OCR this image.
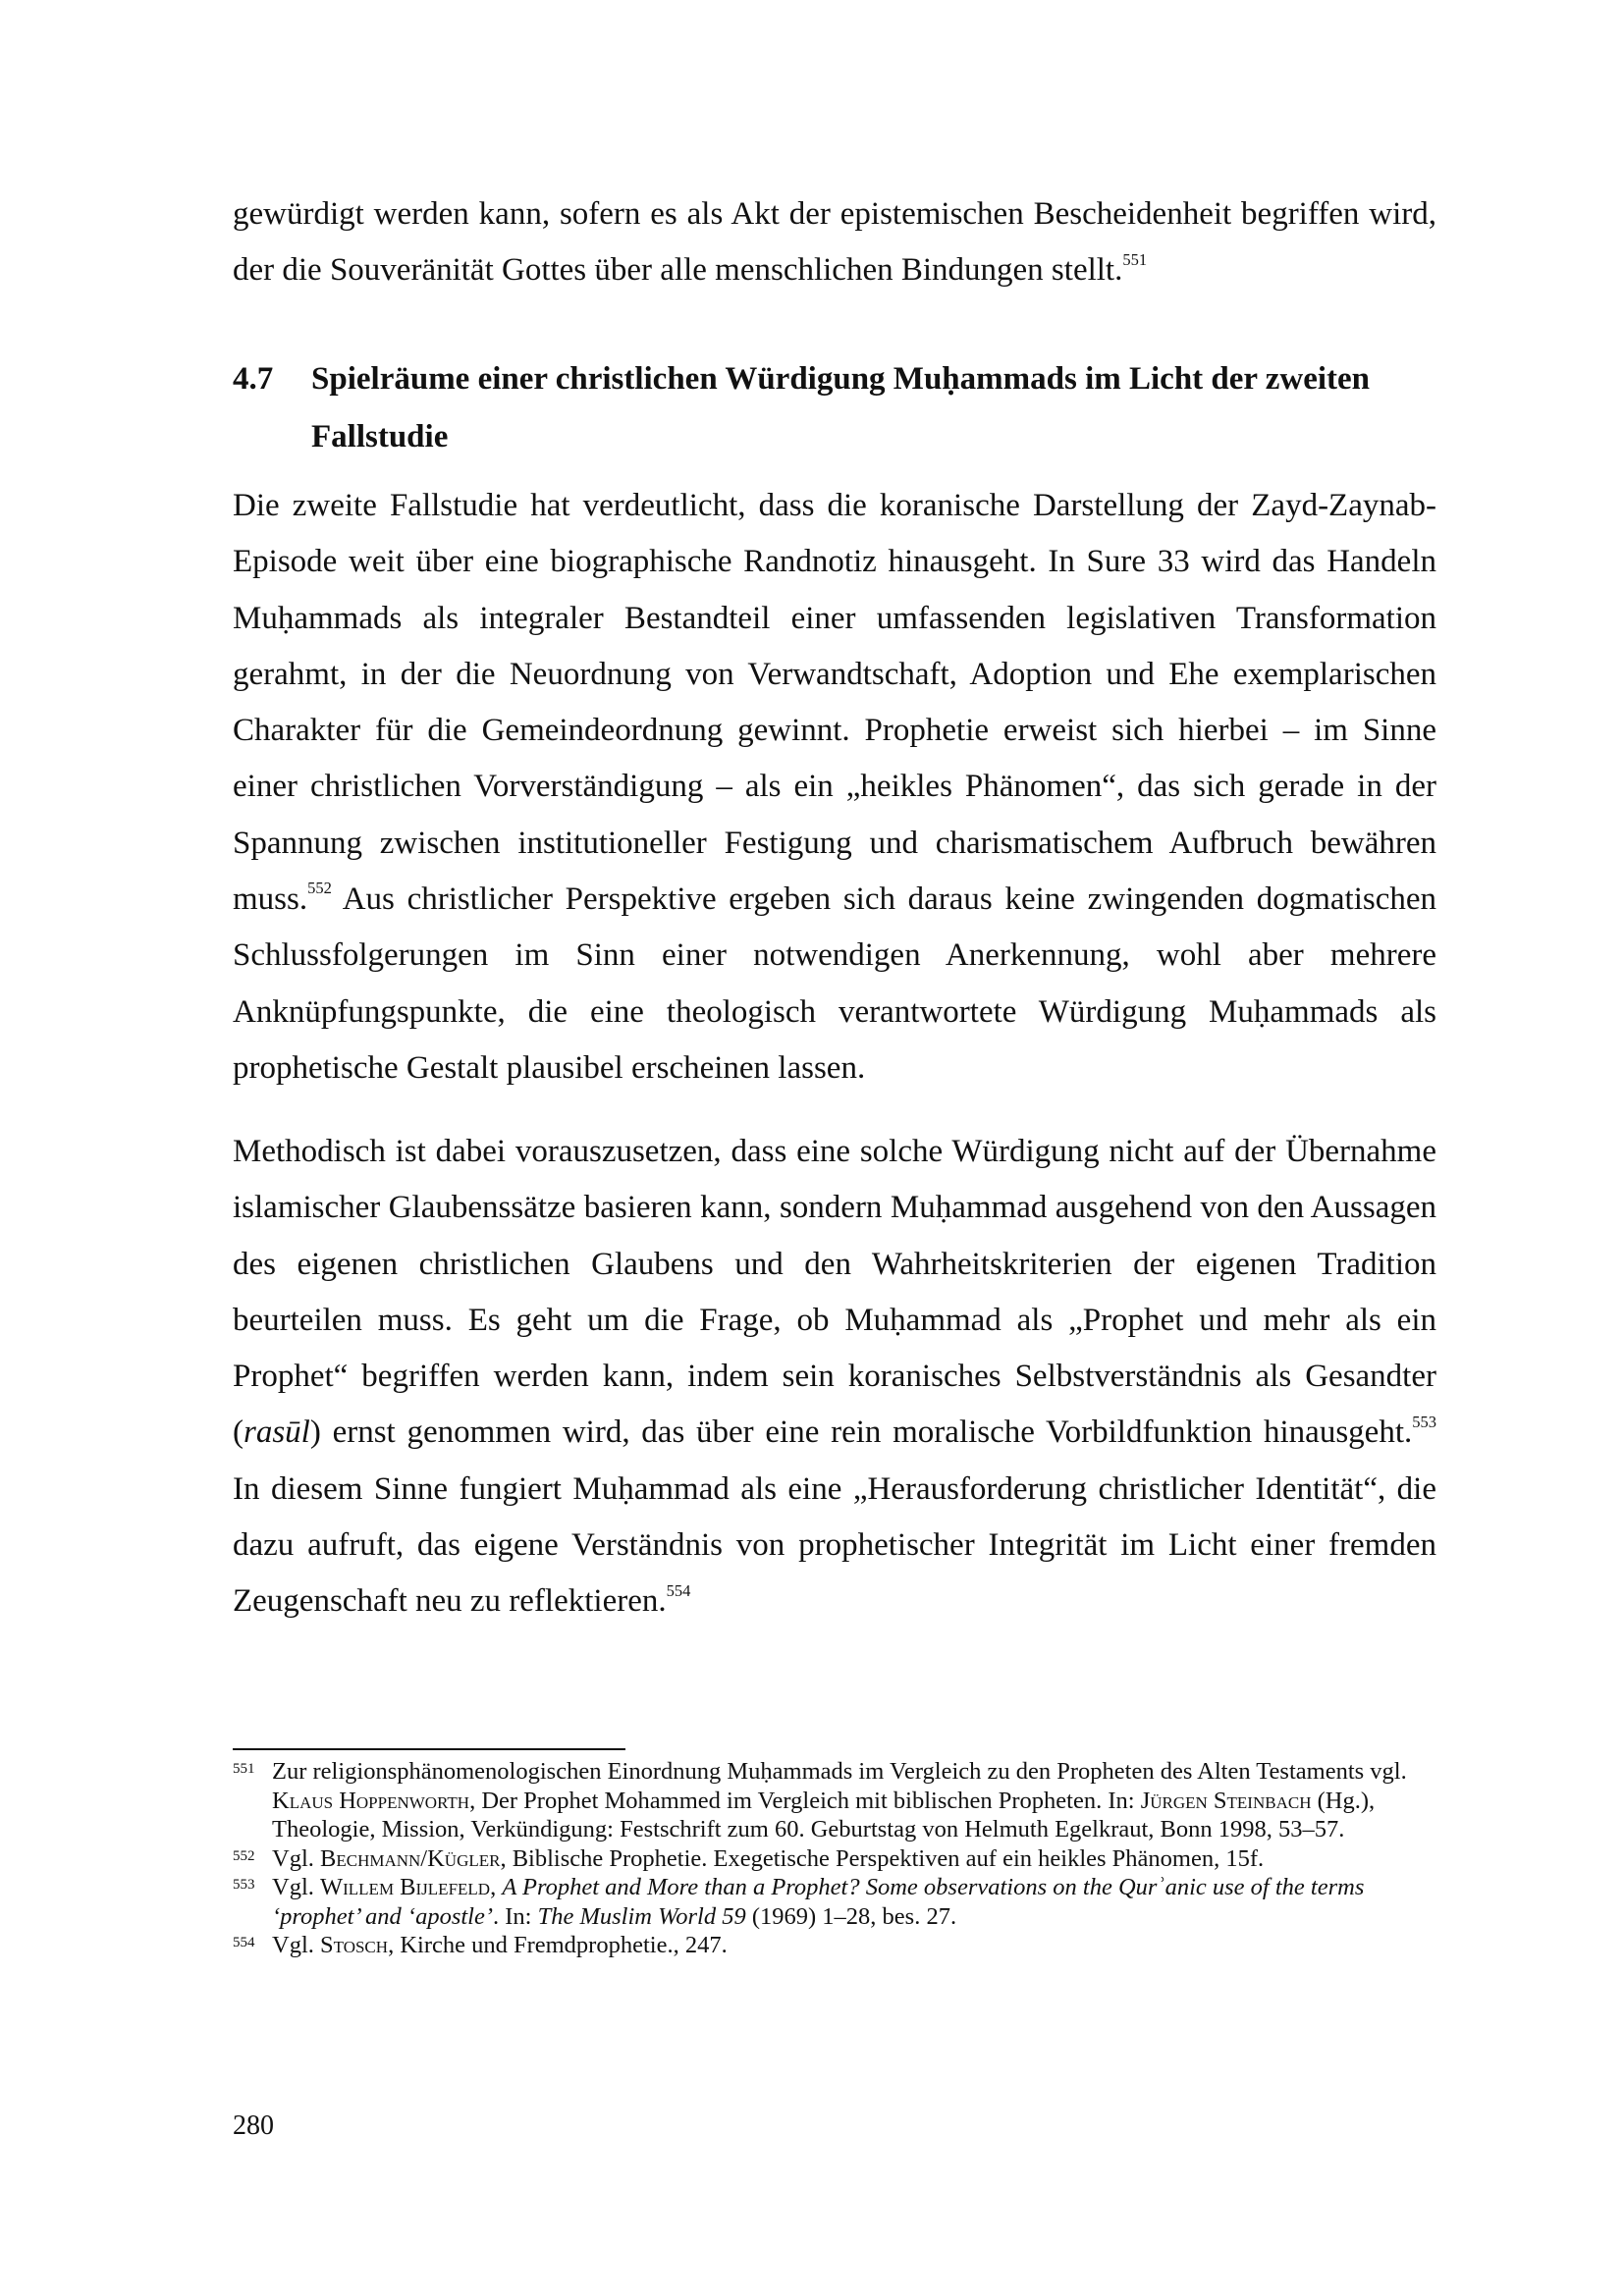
gewürdigt werden kann, sofern es als Akt der epistemischen Bescheidenheit begriffen wird, der die Souveränität Gottes über alle menschlichen Bindungen stellt.$^{551}$

4.7 Spielräume einer christlichen Würdigung Muḥammads im Licht der zweiten Fallstudie

Die zweite Fallstudie hat verdeutlicht, dass die koranische Darstellung der Zayd-Zaynab-Episode weit über eine biographische Randnotiz hinausgeht. In Sure 33 wird das Handeln Muḥammads als integraler Bestandteil einer umfassenden legislativen Transformation gerahmt, in der die Neuordnung von Verwandtschaft, Adoption und Ehe exemplarischen Charakter für die Gemeindeordnung gewinnt. Prophetie erweist sich hierbei – im Sinne einer christlichen Vorverständigung – als ein „heikles Phänomen“, das sich gerade in der Spannung zwischen institutioneller Festigung und charismatischem Aufbruch bewähren muss.$^{552}$ Aus christlicher Perspektive ergeben sich daraus keine zwingenden dogmatischen Schlussfolgerungen im Sinn einer notwendigen Anerkennung, wohl aber mehrere Anknüpfungspunkte, die eine theologisch verantwortete Würdigung Muḥammads als prophetische Gestalt plausibel erscheinen lassen.

Methodisch ist dabei vorauszusetzen, dass eine solche Würdigung nicht auf der Übernahme islamischer Glaubenssätze basieren kann, sondern Muḥammad ausgehend von den Aussagen des eigenen christlichen Glaubens und den Wahrheitskriterien der eigenen Tradition beurteilen muss. Es geht um die Frage, ob Muḥammad als „Prophet und mehr als ein Prophet“ begriffen werden kann, indem sein koranisches Selbstverständnis als Gesandter (rasūl) ernst genommen wird, das über eine rein moralische Vorbildfunktion hinausgeht.$^{553}$ In diesem Sinne fungiert Muḥammad als eine „Herausforderung christlicher Identität“, die dazu aufruft, das eigene Verständnis von prophetischer Integrität im Licht einer fremden Zeugenschaft neu zu reflektieren.$^{554}$

551 Zur religionsphänomenologischen Einordnung Muḥammads im Vergleich zu den Propheten des Alten Testaments vgl. Klaus Hoppenworth, Der Prophet Mohammed im Vergleich mit biblischen Propheten. In: Jürgen Steinbach (Hg.), Theologie, Mission, Verkündigung: Festschrift zum 60. Geburtstag von Helmuth Egelkraut, Bonn 1998, 53–57.

552 Vgl. Bechmann/Kügler, Biblische Prophetie. Exegetische Perspektiven auf ein heikles Phänomen, 15f.

553 Vgl. Willem Bijlefeld, A Prophet and More than a Prophet? Some observations on the Qurʾanic use of the terms ‘prophet’ and ‘apostle’. In: The Muslim World 59 (1969) 1–28, bes. 27.

554 Vgl. Stosch, Kirche und Fremdprophetie., 247.

280
